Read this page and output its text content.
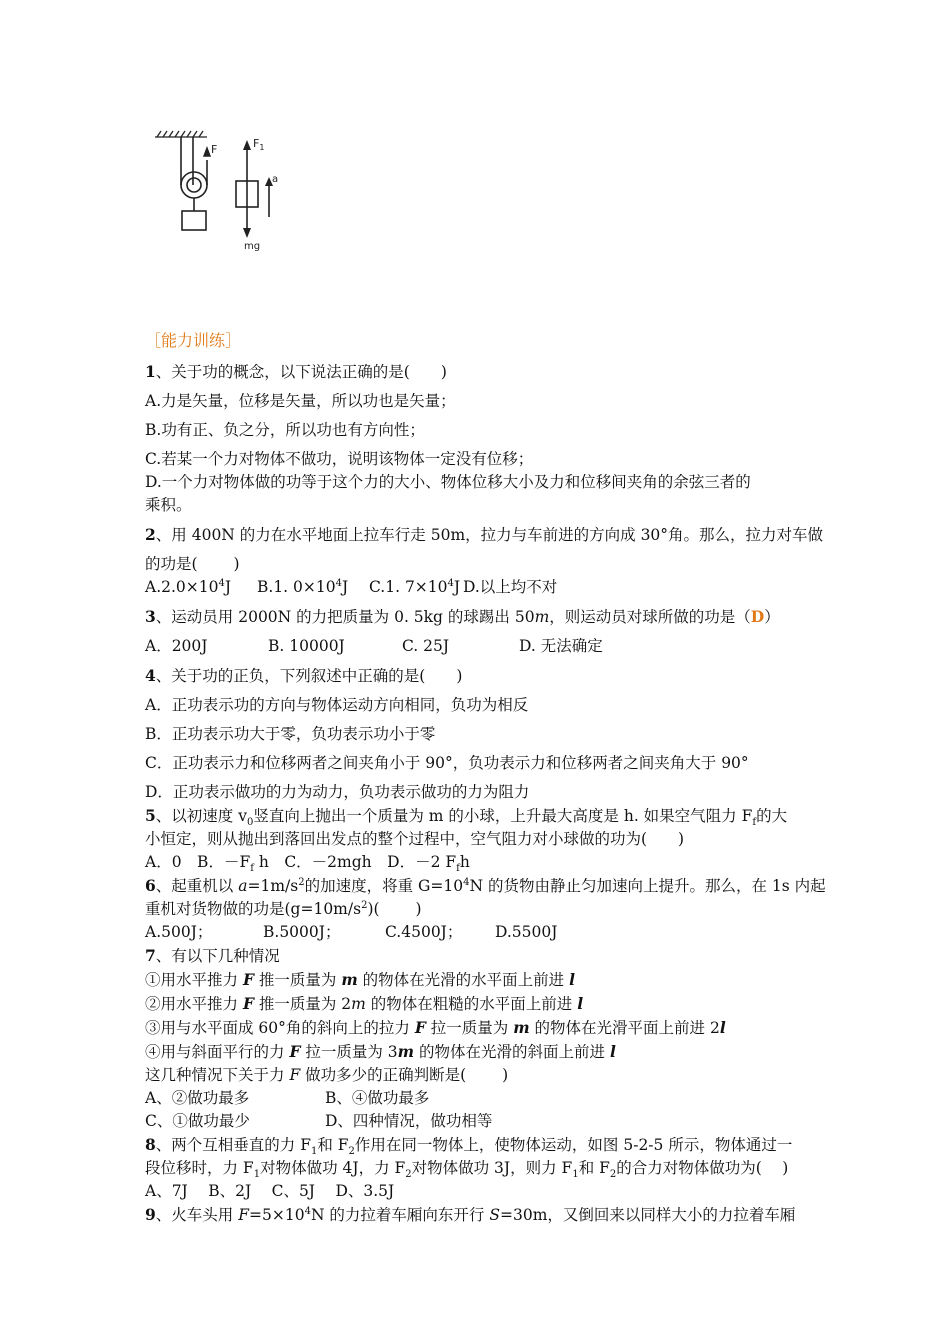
F	$F_1$
a
mg

［能力训练］

1、关于功的概念，以下说法正确的是(　　)

A.力是矢量，位移是矢量，所以功也是矢量；

B.功有正、负之分，所以功也有方向性；

C.若某一个力对物体不做功，说明该物体一定没有位移；

D.一个力对物体做的功等于这个力的大小、物体位移大小及力和位移间夹角的余弦三者的

乘积。

2、用 400N 的力在水平地面上拉车行走 50m，拉力与车前进的方向成 30°角。那么，拉力对车做

的功是(　　 )

$A.2.0\times 10^4J$ B.1. $0\times 10^4J$ C.1. $7\times 10^4J$ D.以上均不对

3、运动员用 2000N 的力把质量为 0. 5kg 的球踢出 50m，则运动员对球所做的功是（D）

A．200J	B. 10000J	C. 25J	D. 无法确定

4、关于功的正负，下列叙述中正确的是(　　)

A．正功表示功的方向与物体运动方向相同，负功为相反

B．正功表示功大于零，负功表示功小于零

C．正功表示力和位移两者之间夹角小于 90°，负功表示力和位移两者之间夹角大于 90°

D．正功表示做功的力为动力，负功表示做功的力为阻力

5、以初速度 $v_0$竖直向上抛出一个质量为 m 的小球，上升最大高度是 h. 如果空气阻力 $F_f$的大

小恒定，则从抛出到落回出发点的整个过程中，空气阻力对小球做的功为(　　)

A．0　B．$-F_f$ h　C．－2mgh　D．－2 $F_fh$

6、起重机以 $a=1m/s^2$的加速度，将重 $G=10^4N$ 的货物由静止匀加速向上提升。那么，在 1s 内起

重机对货物做的功是$(g=10m/s^2)$(　　 )

A.500J；	B.5000J；	C.4500J； D.5500J

7、有以下几种情况

①用水平推力 F 推一质量为 m 的物体在光滑的水平面上前进 l

②用水平推力 F 推一质量为 2m 的物体在粗糙的水平面上前进 l

③用与水平面成 60°角的斜向上的拉力 F 拉一质量为 m 的物体在光滑平面上前进 2l

④用与斜面平行的力 F 拉一质量为 3m 的物体在光滑的斜面上前进 l

这几种情况下关于力 F 做功多少的正确判断是(　　 )

A、②做功最多	B、④做功最多

C、①做功最少	D、四种情况，做功相等

8、两个互相垂直的力 $F_1$和 $F_2$作用在同一物体上，使物体运动，如图 5-2-5 所示，物体通过一

段位移时，力 $F_1$对物体做功 4J，力 $F_2$对物体做功 3J，则力 $F_1$和 $F_2$的合力对物体做功为(　 )

A、7J　 B、2J　 C、5J　 D、3.5J

9、火车头用 $F=5\times 10^4N$ 的力拉着车厢向东开行 S=30m，又倒回来以同样大小的力拉着车厢
